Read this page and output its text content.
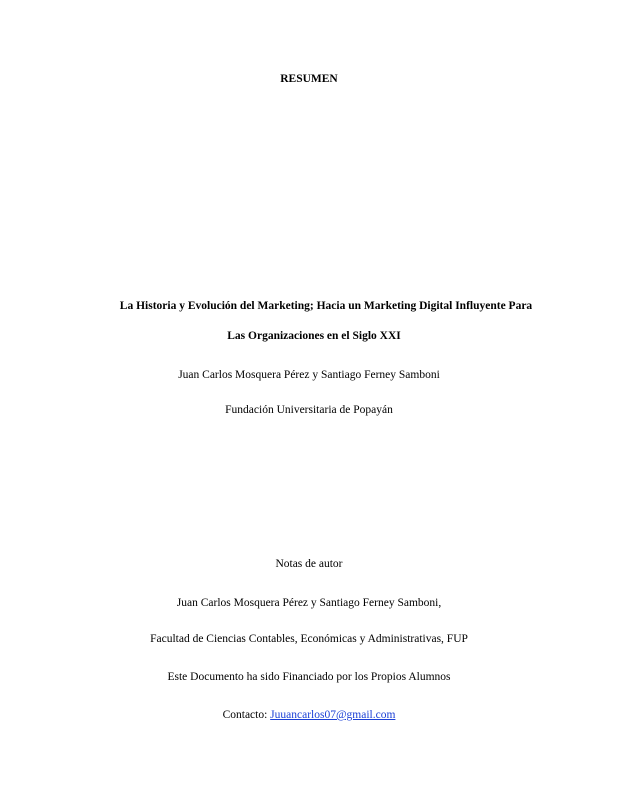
RESUMEN
La Historia y Evolución del Marketing; Hacia un Marketing Digital Influyente Para
Las Organizaciones en el Siglo XXI
Juan Carlos Mosquera Pérez y Santiago Ferney Samboni
Fundación Universitaria de Popayán
Notas de autor
Juan Carlos Mosquera Pérez y Santiago Ferney Samboni,
Facultad de Ciencias Contables, Económicas y Administrativas, FUP
Este Documento ha sido Financiado por los Propios Alumnos
Contacto: Juuancarlos07@gmail.com
